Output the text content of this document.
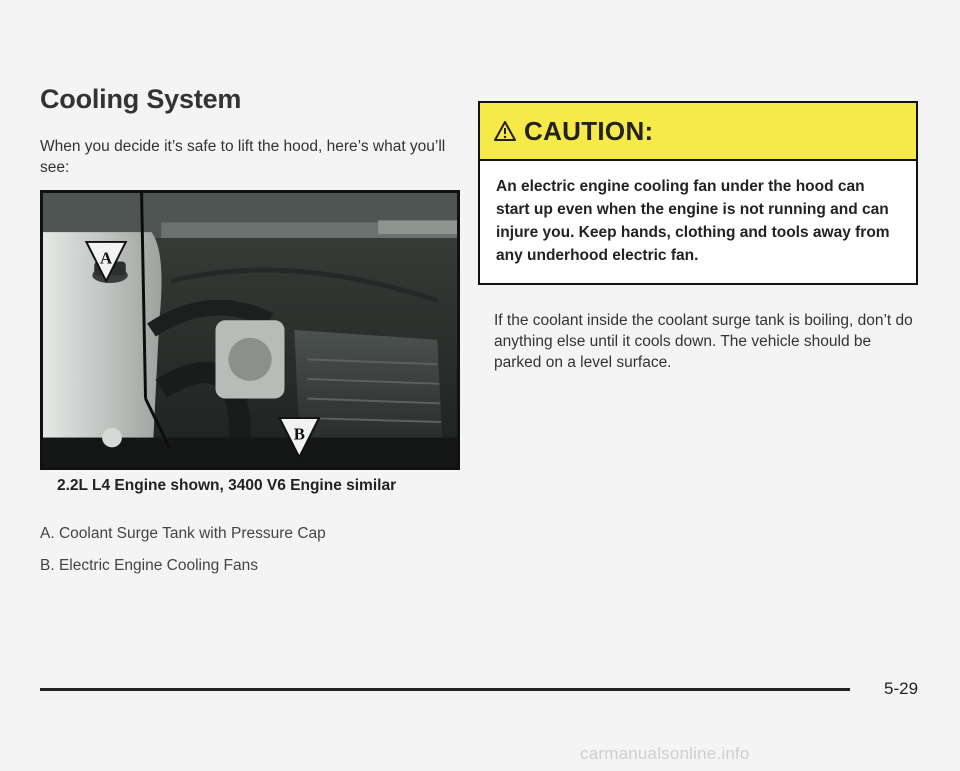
Cooling System
When you decide it’s safe to lift the hood, here’s what you’ll see:
A
B
2.2L L4 Engine shown, 3400 V6 Engine similar
A. Coolant Surge Tank with Pressure Cap
B. Electric Engine Cooling Fans
CAUTION:
An electric engine cooling fan under the hood can start up even when the engine is not running and can injure you. Keep hands, clothing and tools away from any underhood electric fan.
If the coolant inside the coolant surge tank is boiling, don’t do anything else until it cools down. The vehicle should be parked on a level surface.
5-29
carmanualsonline.info
